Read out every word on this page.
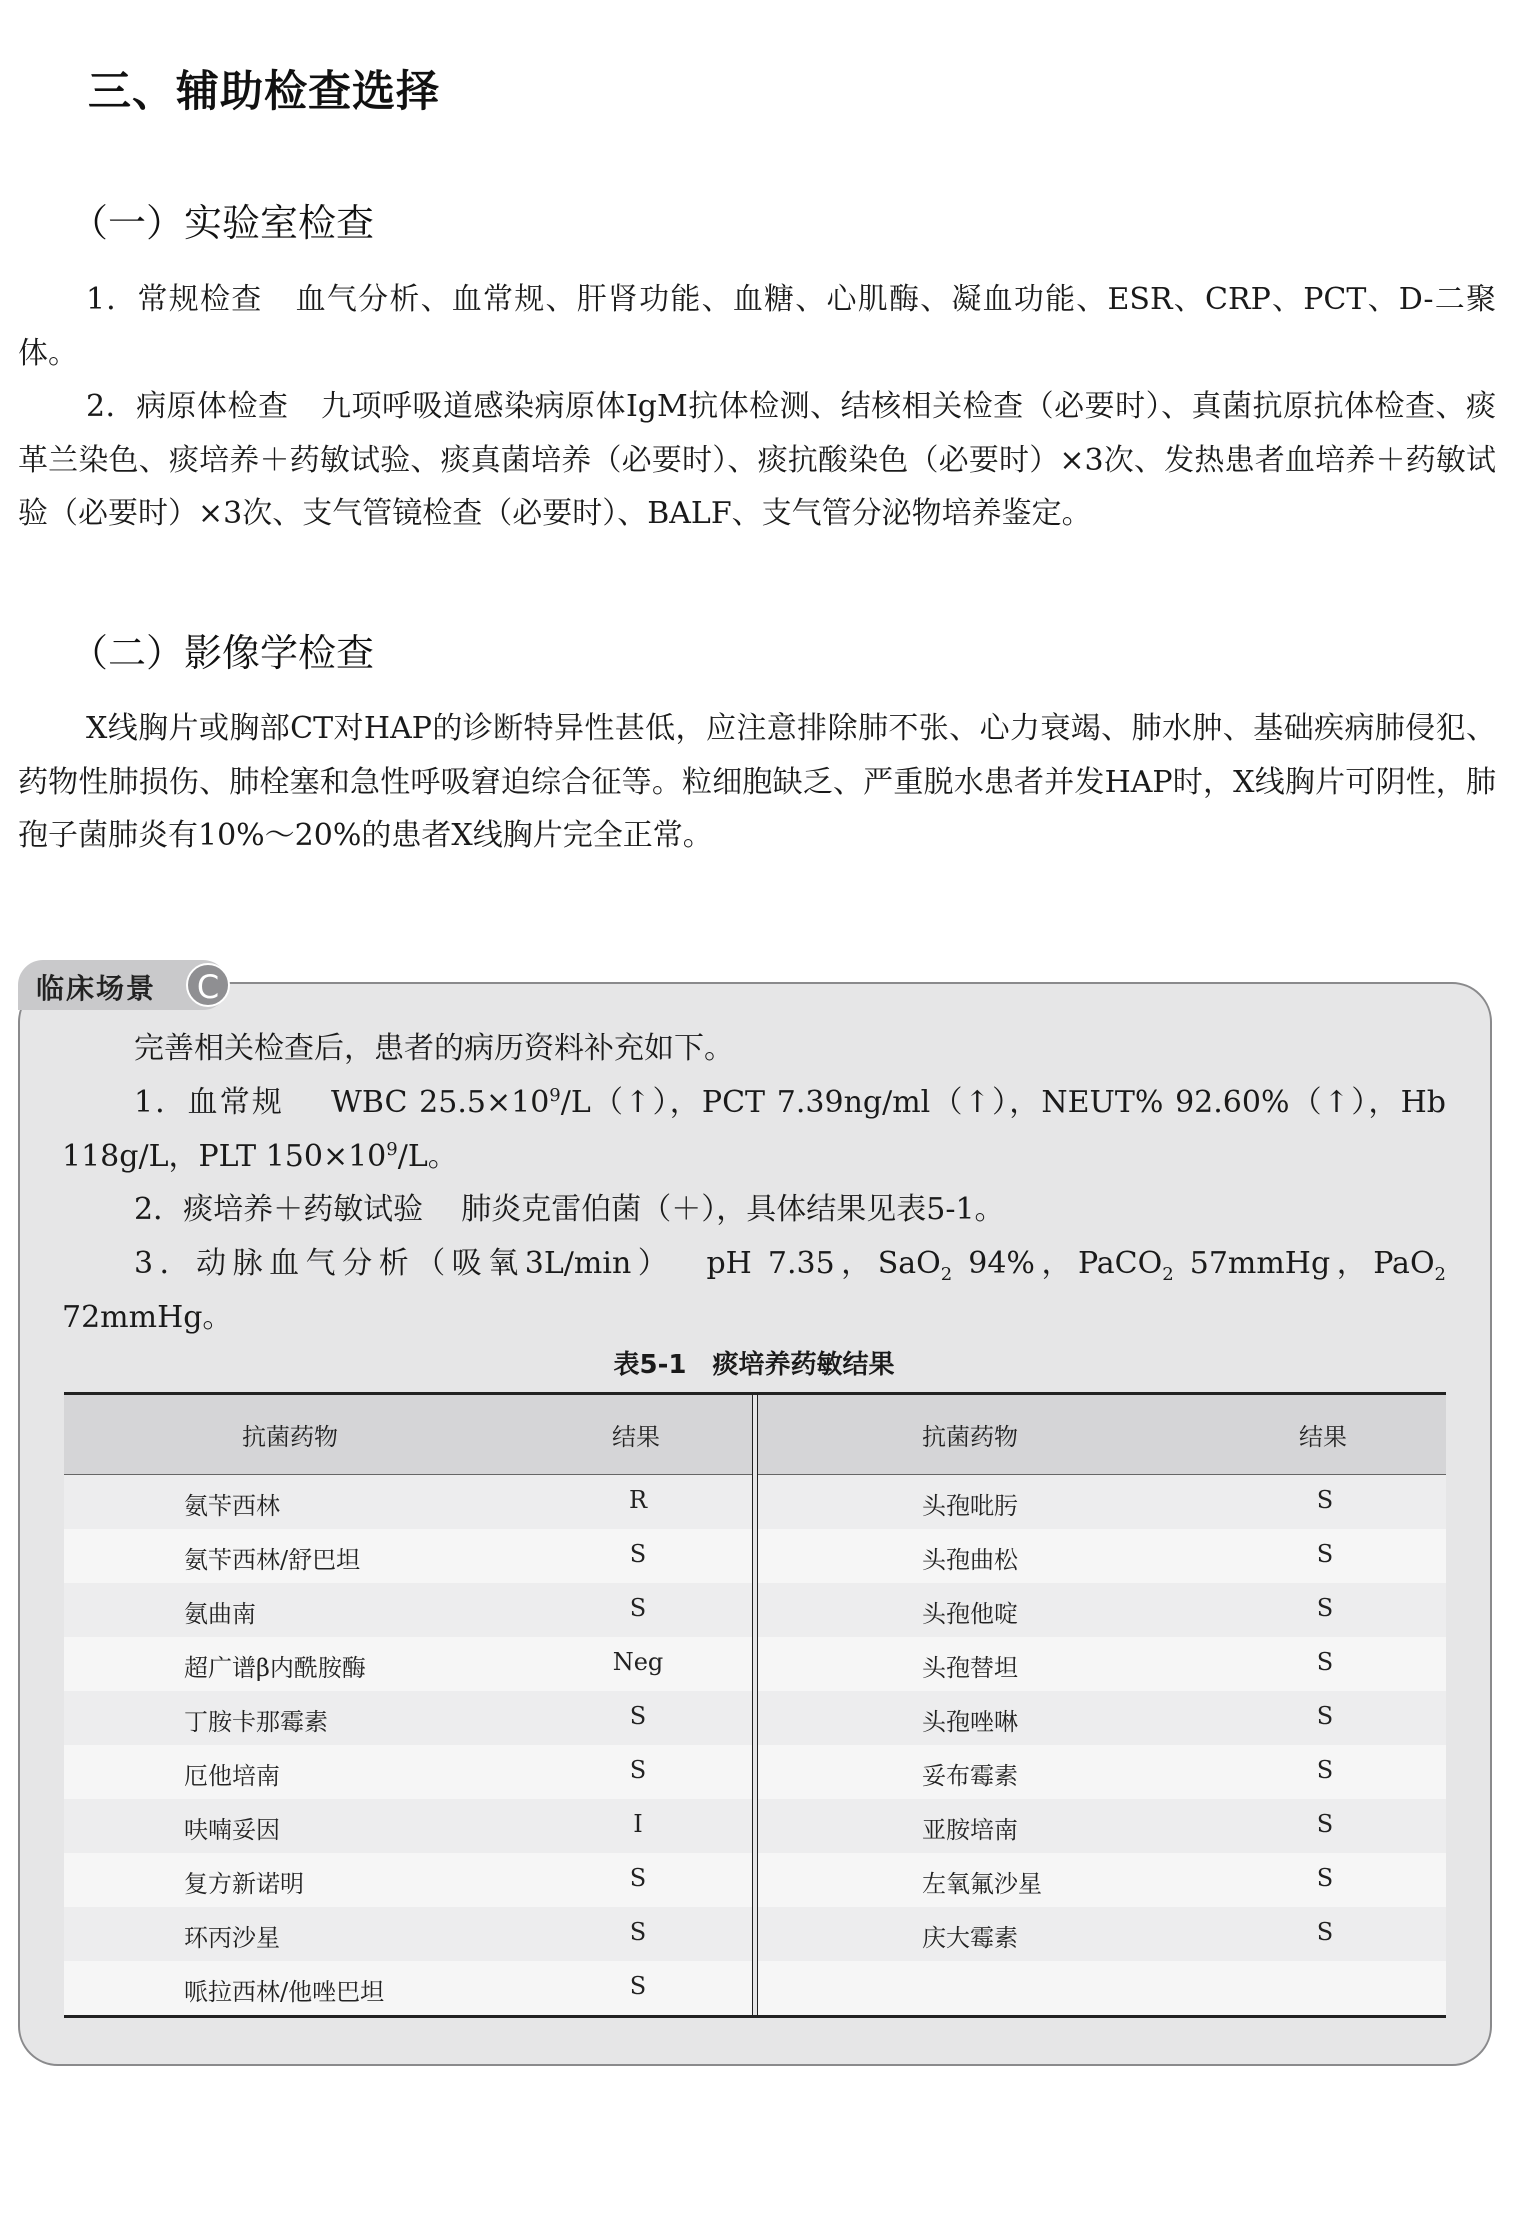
三、辅助检查选择
（一）实验室检查

1．常规检查 血气分析、血常规、肝肾功能、血糖、心肌酶、凝血功能、ESR、CRP、PCT、D-二聚体。

2．病原体检查 九项呼吸道感染病原体IgM抗体检测、结核相关检查（必要时）、真菌抗原抗体检查、痰革兰染色、痰培养＋药敏试验、痰真菌培养（必要时）、痰抗酸染色（必要时）×3次、发热患者血培养＋药敏试验（必要时）×3次、支气管镜检查（必要时）、BALF、支气管分泌物培养鉴定。

（二）影像学检查

X线胸片或胸部CT对HAP的诊断特异性甚低，应注意排除肺不张、心力衰竭、肺水肿、基础疾病肺侵犯、药物性肺损伤、肺栓塞和急性呼吸窘迫综合征等。粒细胞缺乏、严重脱水患者并发HAP时，X线胸片可阴性，肺孢子菌肺炎有10%～20%的患者X线胸片完全正常。

临床场景	C

完善相关检查后，患者的病历资料补充如下。

1．血常规 WBC $25.5\times 10^9/L(↑)$，PCT 7.39ng/ml（↑），NEUT% 92.60%（↑），Hb 118g/L，PLT $150\times 10^9/L$。

2．痰培养＋药敏试验 肺炎克雷伯菌（＋），具体结果见表5-1。

3．动脉血气分析（吸氧3L/min） pH 7.35，SaO$_2$ 94%，PaCO$_2$ 57mmHg，PaO$_2$ 72mmHg。

表5-1　痰培养药敏结果

抗菌药物	结果
氨苄西林	R
氨苄西林/舒巴坦	S
氨曲南	S
超广谱β内酰胺酶	Neg
丁胺卡那霉素	S
厄他培南	S
呋喃妥因	I
复方新诺明	S
环丙沙星	S
哌拉西林/他唑巴坦	S
抗菌药物	结果
头孢吡肟	S
头孢曲松	S
头孢他啶	S
头孢替坦	S
头孢唑啉	S
妥布霉素	S
亚胺培南	S
左氧氟沙星	S
庆大霉素	S
